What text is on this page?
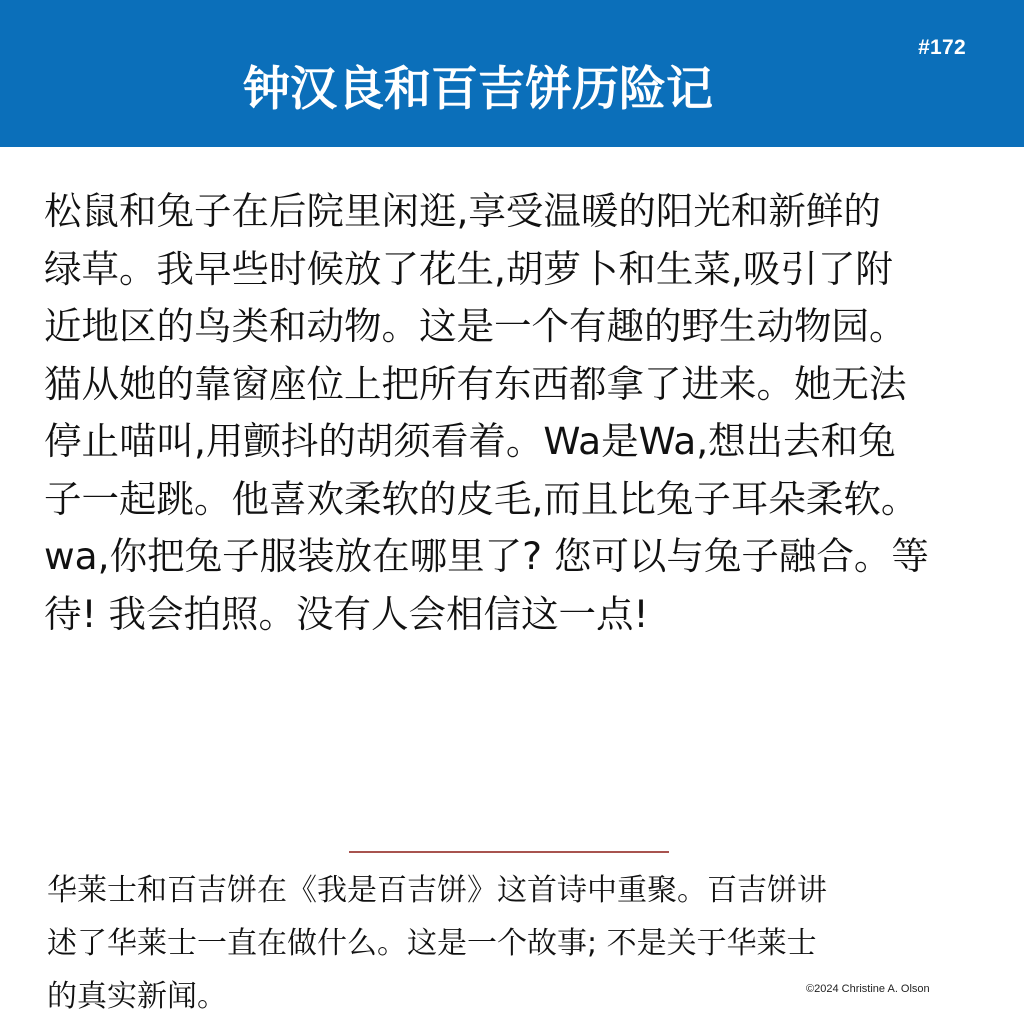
#172
钟汉良和百吉饼历险记
松鼠和兔子在后院里闲逛,享受温暖的阳光和新鲜的
绿草。我早些时候放了花生,胡萝卜和生菜,吸引了附
近地区的鸟类和动物。这是一个有趣的野生动物园。
猫从她的靠窗座位上把所有东西都拿了进来。她无法
停止喵叫,用颤抖的胡须看着。Wa是Wa,想出去和兔
子一起跳。他喜欢柔软的皮毛,而且比兔子耳朵柔软。
wa,你把兔子服装放在哪里了? 您可以与兔子融合。等
待! 我会拍照。没有人会相信这一点!
华莱士和百吉饼在《我是百吉饼》这首诗中重聚。百吉饼讲
述了华莱士一直在做什么。这是一个故事; 不是关于华莱士
的真实新闻。	©2024 Christine A. Olson
